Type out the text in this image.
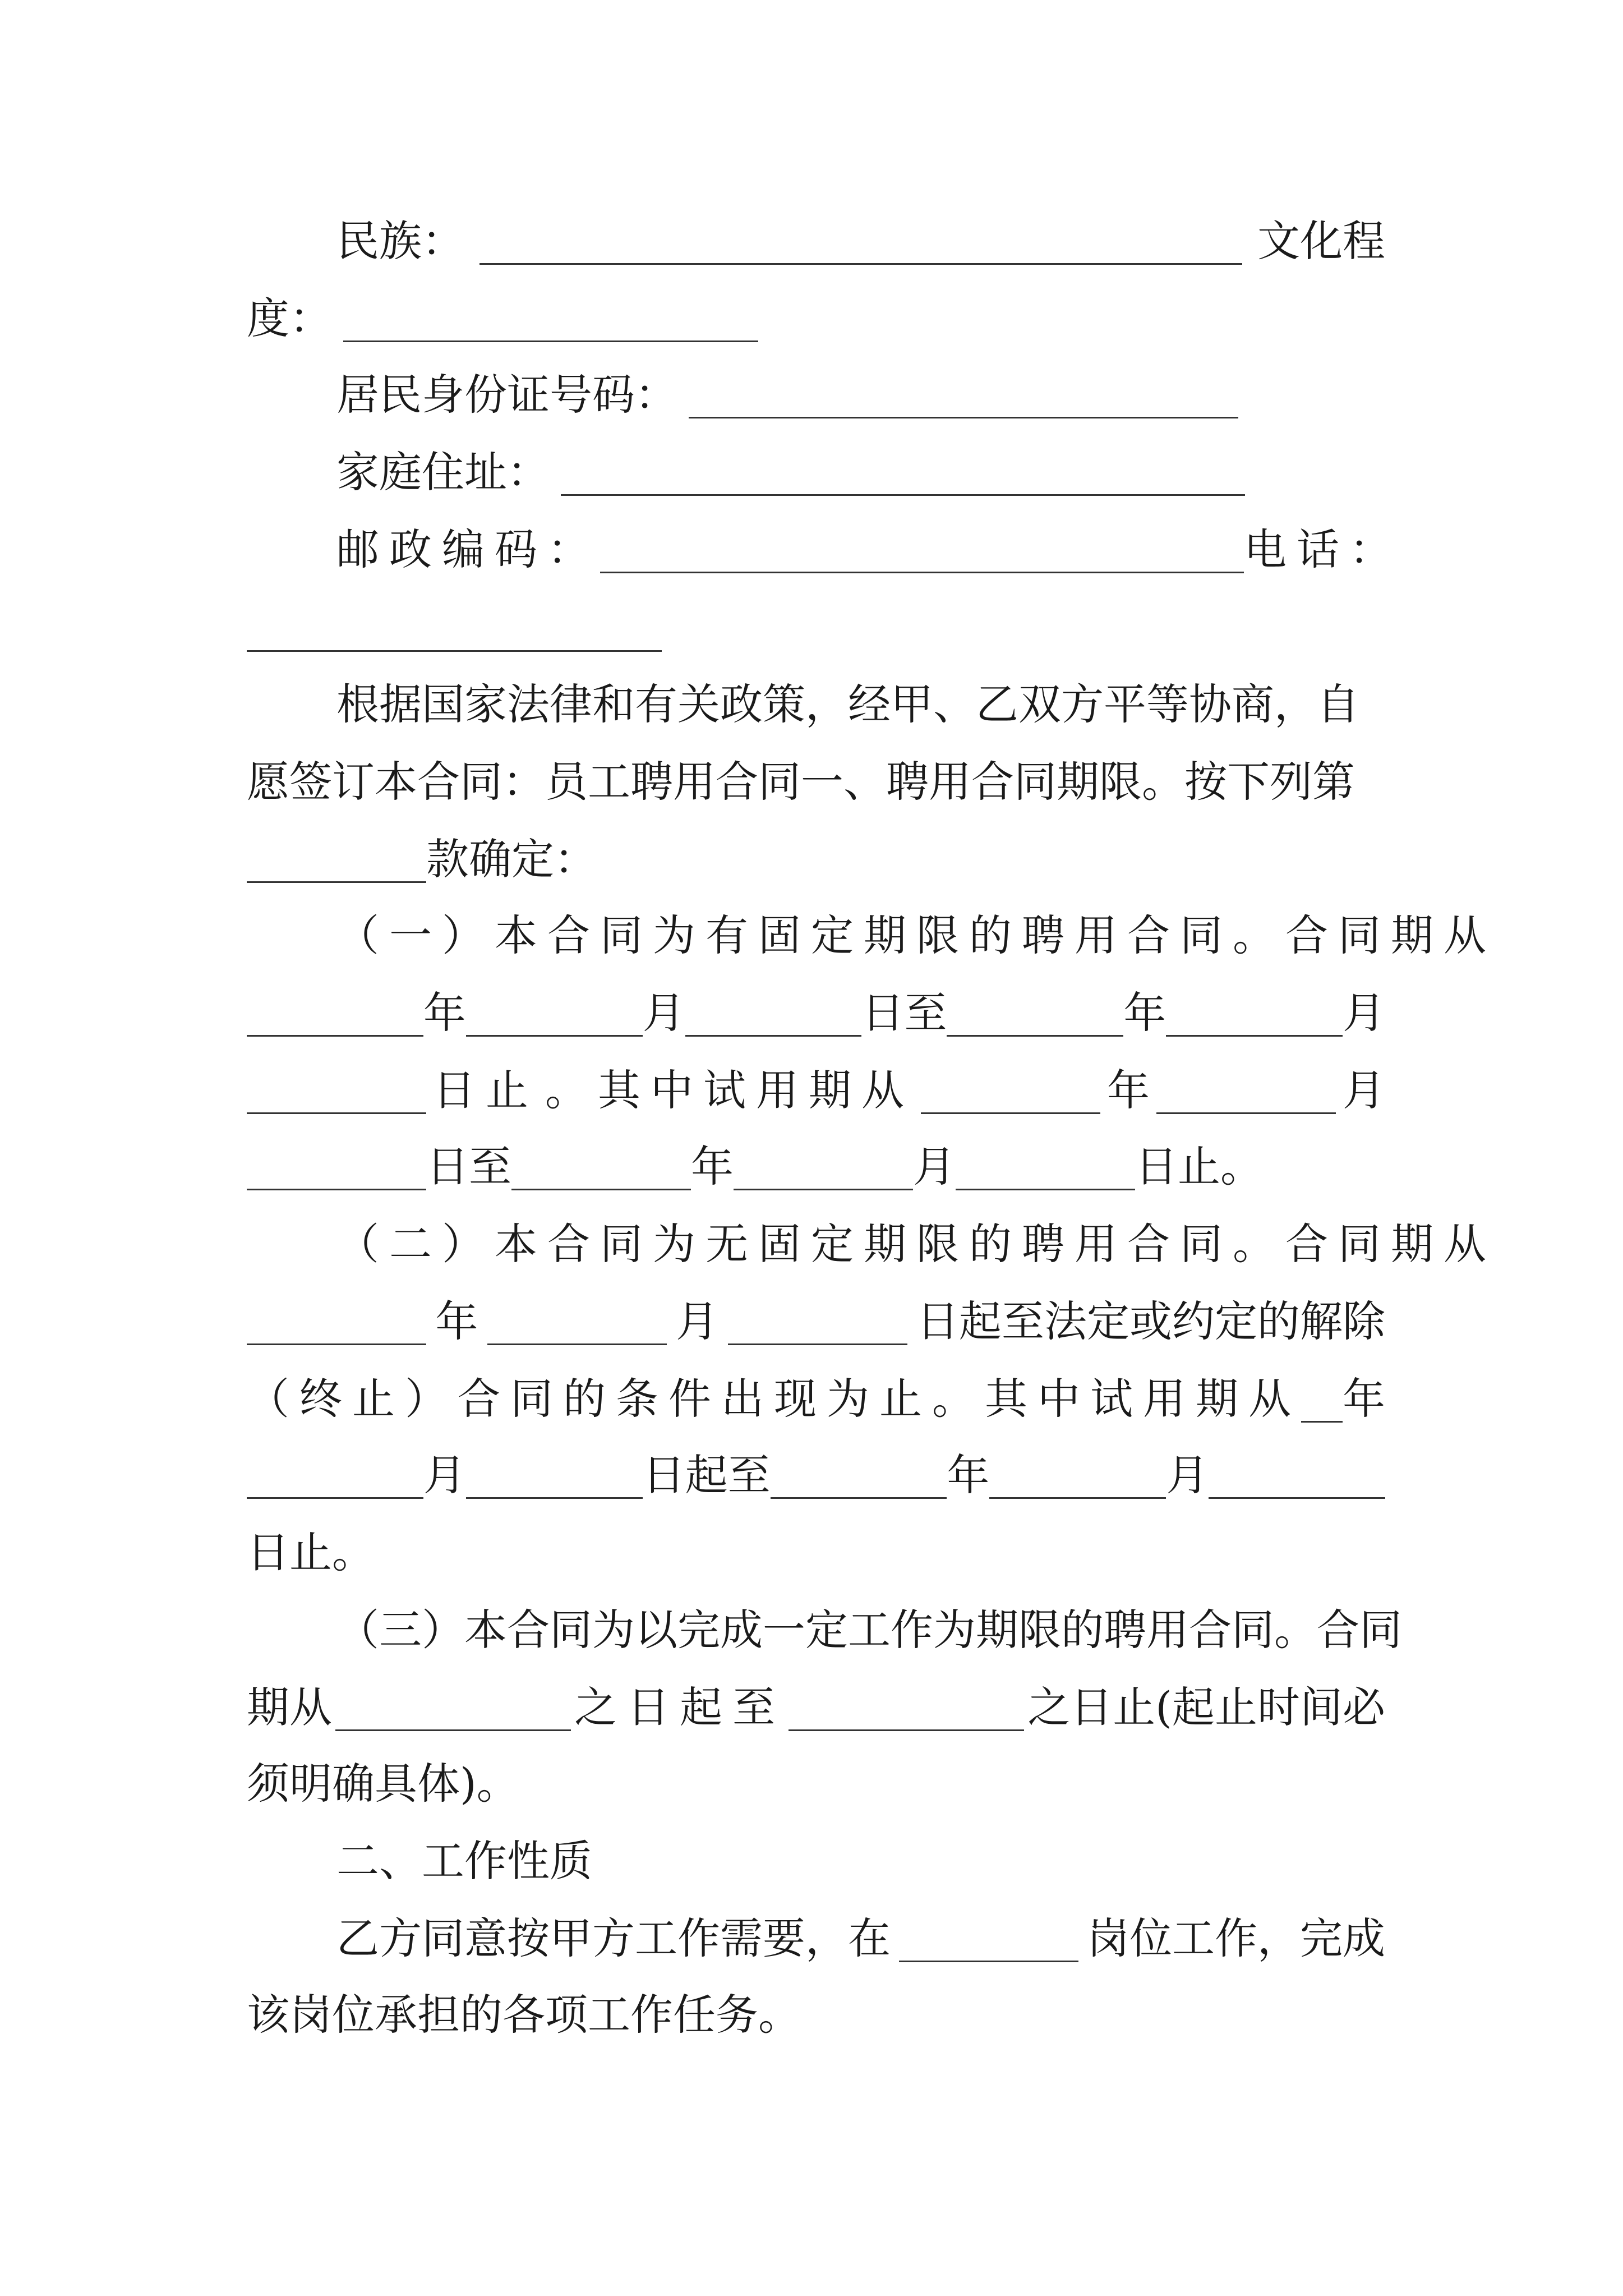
民族：	文化程
度：
居民身份证号码：
家庭住址：
邮政编码：	电话：
根据国家法律和有关政策，经甲、乙双方平等协商，自
愿签订本合同：员工聘用合同一、聘用合同期限。按下列第
款确定：
（一）本合同为有固定期限的聘用合同。合同期从
年	月	日至	年	月
日止 。其中试用期从	年	月
日至	年	月	日止。
（二）本合同为无固定期限的聘用合同。合同期从
年	月	日起至法定或约定的解除
（终止）合同的条件出现为止。其中试用期从 年
月	日起至	年	月
日止。
（三）本合同为以完成一定工作为期限的聘用合同。合同
期从	之日起至	之日止(起止时间必
须明确具体)。
二、工作性质
乙方同意按甲方工作需要，在	岗位工作，完成
该岗位承担的各项工作任务。
